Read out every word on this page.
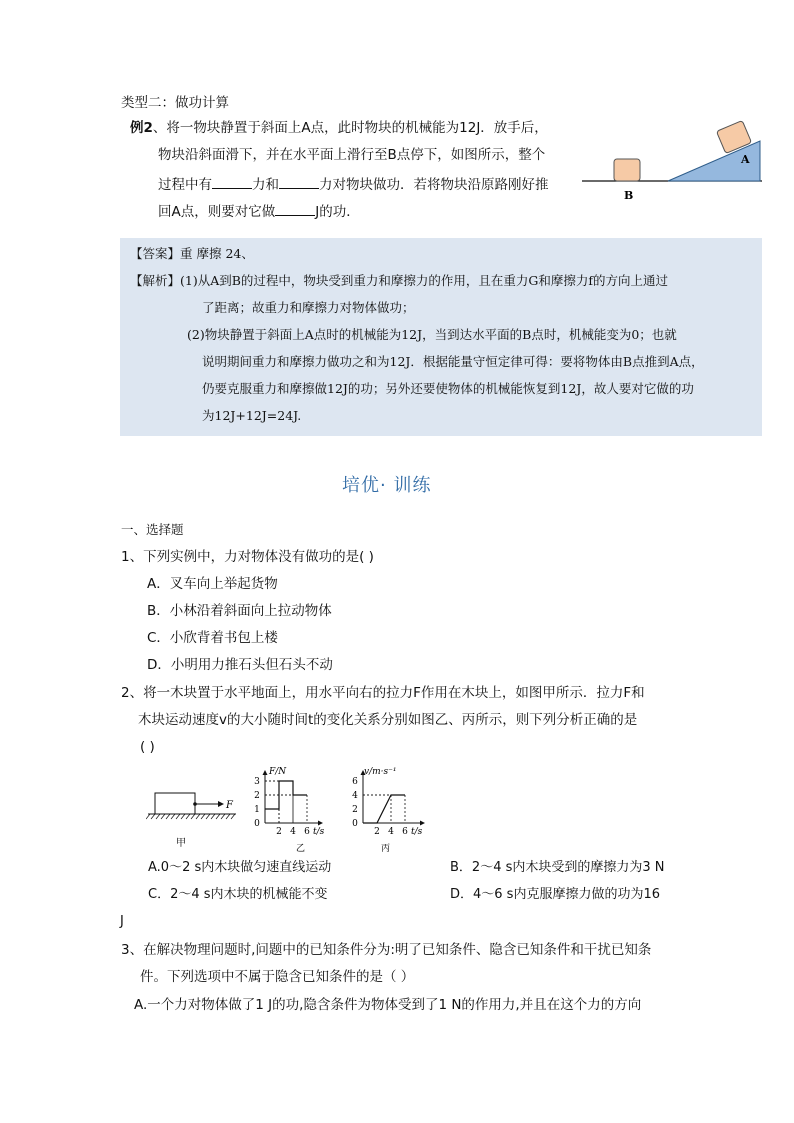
类型二：做功计算
例2、将一物块静置于斜面上A点，此时物块的机械能为12J．放手后，
物块沿斜面滑下，并在水平面上滑行至B点停下，如图所示，整个
过程中有	力和	力对物块做功．若将物块沿原路刚好推
回A点，则要对它做	J的功．
A
B
【答案】重 摩擦 24、
【解析】(1)从A到B的过程中，物块受到重力和摩擦力的作用，且在重力G和摩擦力f的方向上通过
了距离；故重力和摩擦力对物体做功；
(2)物块静置于斜面上A点时的机械能为12J，当到达水平面的B点时，机械能变为0；也就
说明期间重力和摩擦力做功之和为12J．根据能量守恒定律可得：要将物体由B点推到A点，
仍要克服重力和摩擦做12J的功；另外还要使物体的机械能恢复到12J，故人要对它做的功
为12J+12J=24J.
培优· 训练
一、选择题
1、下列实例中，力对物体没有做功的是( )
A．叉车向上举起货物
B．小林沿着斜面向上拉动物体
C．小欣背着书包上楼
D．小明用力推石头但石头不动
2、将一木块置于水平地面上，用水平向右的拉力F作用在木块上，如图甲所示．拉力F和
木块运动速度v的大小随时间t的变化关系分别如图乙、丙所示，则下列分析正确的是
( )
F
甲
F/N
乙
3
2
1
0
2 4 6 t/s
v/m·s⁻¹
丙
6
4
2
0
2 4 6 t/s
A.0～2 s内木块做匀速直线运动	B．2～4 s内木块受到的摩擦力为3 N
C．2～4 s内木块的机械能不变	D．4～6 s内克服摩擦力做的功为16
J
3、在解决物理问题时,问题中的已知条件分为:明了已知条件、隐含已知条件和干扰已知条
件。下列选项中不属于隐含已知条件的是（ ）
A.一个力对物体做了1 J的功,隐含条件为物体受到了1 N的作用力,并且在这个力的方向
